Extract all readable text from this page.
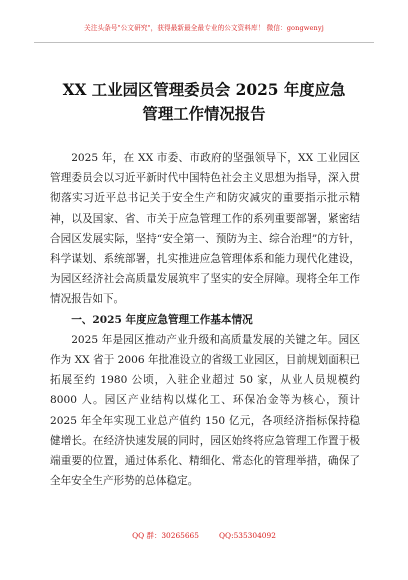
关注头条号"公文研究"，获得最新最全最专业的公文资料库！ 微信：gongwenyj
XX 工业园区管理委员会 2025 年度应急管理工作情况报告

2025 年，在 XX 市委、市政府的坚强领导下，XX 工业园区管理委员会以习近平新时代中国特色社会主义思想为指导，深入贯彻落实习近平总书记关于安全生产和防灾减灾的重要指示批示精神，以及国家、省、市关于应急管理工作的系列重要部署，紧密结合园区发展实际，坚持“安全第一、预防为主、综合治理”的方针，科学谋划、系统部署，扎实推进应急管理体系和能力现代化建设，为园区经济社会高质量发展筑牢了坚实的安全屏障。现将全年工作情况报告如下。

一、2025 年度应急管理工作基本情况

2025 年是园区推动产业升级和高质量发展的关键之年。园区作为 XX 省于 2006 年批准设立的省级工业园区，目前规划面积已拓展至约 1980 公顷，入驻企业超过 50 家，从业人员规模约 8000 人。园区产业结构以煤化工、环保冶金等为核心，预计 2025 年全年实现工业总产值约 150 亿元，各项经济指标保持稳健增长。在经济快速发展的同时，园区始终将应急管理工作置于极端重要的位置，通过体系化、精细化、常态化的管理举措，确保了全年安全生产形势的总体稳定。

QQ 群：30265665	QQ:535304092
